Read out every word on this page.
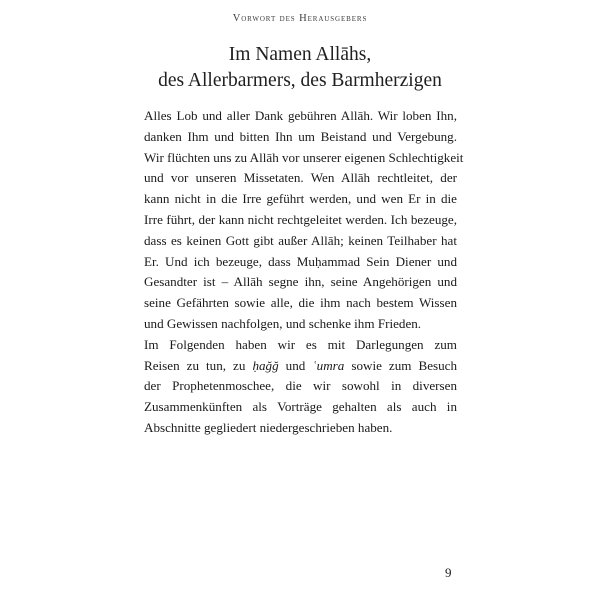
Vorwort des Herausgebers
Im Namen Allāhs,
des Allerbarmers, des Barmherzigen
Alles Lob und aller Dank gebühren Allāh. Wir loben Ihn,
danken Ihm und bitten Ihn um Beistand und Vergebung.
Wir flüchten uns zu Allāh vor unserer eigenen Schlechtigkeit
und vor unseren Missetaten. Wen Allāh rechtleitet, der
kann nicht in die Irre geführt werden, und wen Er in die
Irre führt, der kann nicht rechtgeleitet werden. Ich bezeuge,
dass es keinen Gott gibt außer Allāh; keinen Teilhaber hat
Er. Und ich bezeuge, dass Muḥammad Sein Diener und
Gesandter ist – Allāh segne ihn, seine Angehörigen und
seine Gefährten sowie alle, die ihm nach bestem Wissen
und Gewissen nachfolgen, und schenke ihm Frieden.
Im Folgenden haben wir es mit Darlegungen zum
Reisen zu tun, zu ḥağğ und ʿumra sowie zum Besuch
der Prophetenmoschee, die wir sowohl in diversen
Zusammenkünften als Vorträge gehalten als auch in
Abschnitte gegliedert niedergeschrieben haben.
9
